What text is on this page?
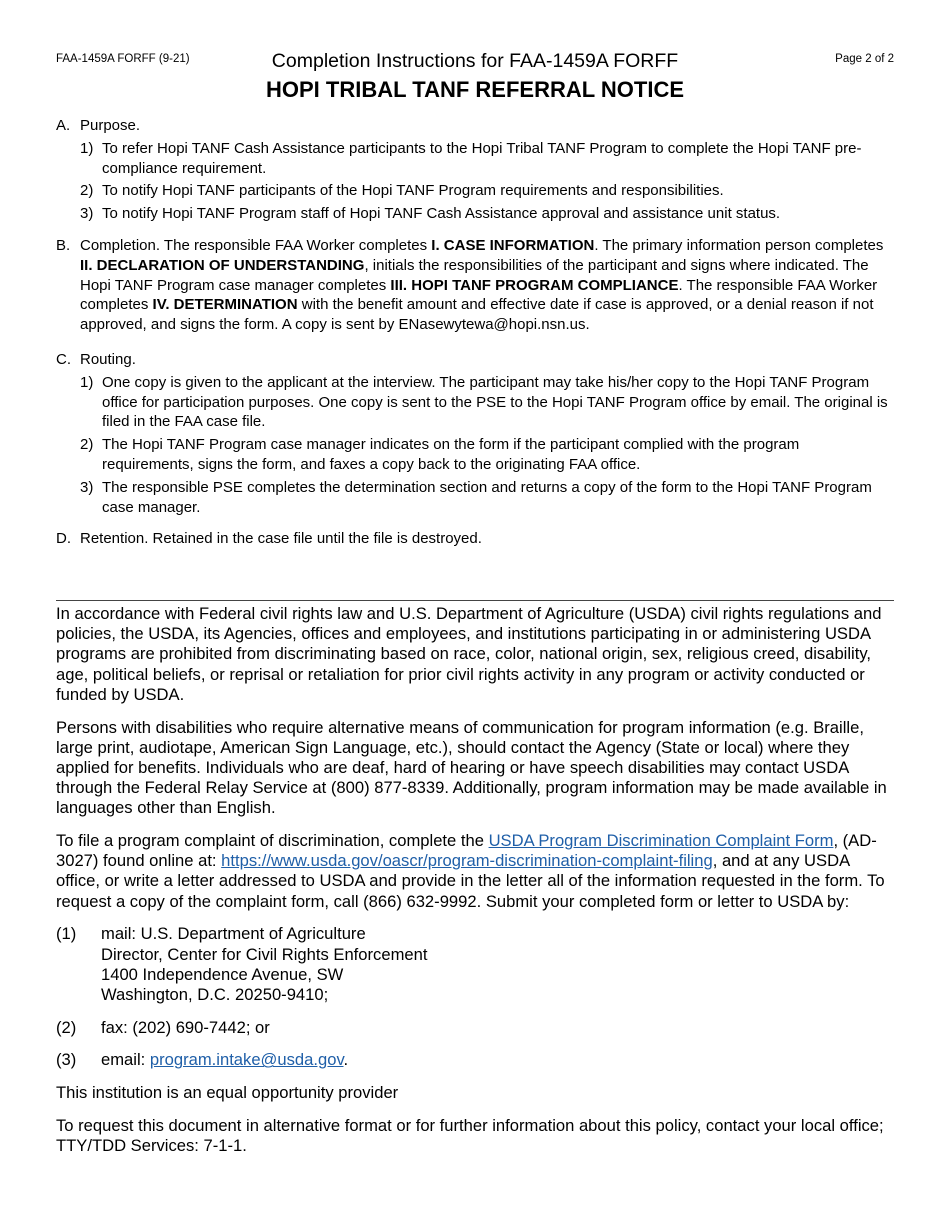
FAA-1459A FORFF (9-21)	Completion Instructions for FAA-1459A FORFF	Page 2 of 2
HOPI TRIBAL TANF REFERRAL NOTICE
A. Purpose.
1) To refer Hopi TANF Cash Assistance participants to the Hopi Tribal TANF Program to complete the Hopi TANF pre-compliance requirement.
2) To notify Hopi TANF participants of the Hopi TANF Program requirements and responsibilities.
3) To notify Hopi TANF Program staff of Hopi TANF Cash Assistance approval and assistance unit status.
B. Completion. The responsible FAA Worker completes I. CASE INFORMATION. The primary information person completes II. DECLARATION OF UNDERSTANDING, initials the responsibilities of the participant and signs where indicated. The Hopi TANF Program case manager completes III. HOPI TANF PROGRAM COMPLIANCE. The responsible FAA Worker completes IV. DETERMINATION with the benefit amount and effective date if case is approved, or a denial reason if not approved, and signs the form. A copy is sent by ENasewytewa@hopi.nsn.us.
C. Routing.
1) One copy is given to the applicant at the interview. The participant may take his/her copy to the Hopi TANF Program office for participation purposes. One copy is sent to the PSE to the Hopi TANF Program office by email. The original is filed in the FAA case file.
2) The Hopi TANF Program case manager indicates on the form if the participant complied with the program requirements, signs the form, and faxes a copy back to the originating FAA office.
3) The responsible PSE completes the determination section and returns a copy of the form to the Hopi TANF Program case manager.
D. Retention. Retained in the case file until the file is destroyed.

In accordance with Federal civil rights law and U.S. Department of Agriculture (USDA) civil rights regulations and policies, the USDA, its Agencies, offices and employees, and institutions participating in or administering USDA programs are prohibited from discriminating based on race, color, national origin, sex, religious creed, disability, age, political beliefs, or reprisal or retaliation for prior civil rights activity in any program or activity conducted or funded by USDA.

Persons with disabilities who require alternative means of communication for program information (e.g. Braille, large print, audiotape, American Sign Language, etc.), should contact the Agency (State or local) where they applied for benefits. Individuals who are deaf, hard of hearing or have speech disabilities may contact USDA through the Federal Relay Service at (800) 877-8339. Additionally, program information may be made available in languages other than English.

To file a program complaint of discrimination, complete the USDA Program Discrimination Complaint Form, (AD-3027) found online at: https://www.usda.gov/oascr/program-discrimination-complaint-filing, and at any USDA office, or write a letter addressed to USDA and provide in the letter all of the information requested in the form. To request a copy of the complaint form, call (866) 632-9992. Submit your completed form or letter to USDA by:

(1)	mail: U.S. Department of Agriculture
Director, Center for Civil Rights Enforcement
1400 Independence Avenue, SW
Washington, D.C. 20250-9410;
(2)	fax: (202) 690-7442; or
(3)	email: program.intake@usda.gov.

This institution is an equal opportunity provider

To request this document in alternative format or for further information about this policy, contact your local office; TTY/TDD Services: 7-1-1.
